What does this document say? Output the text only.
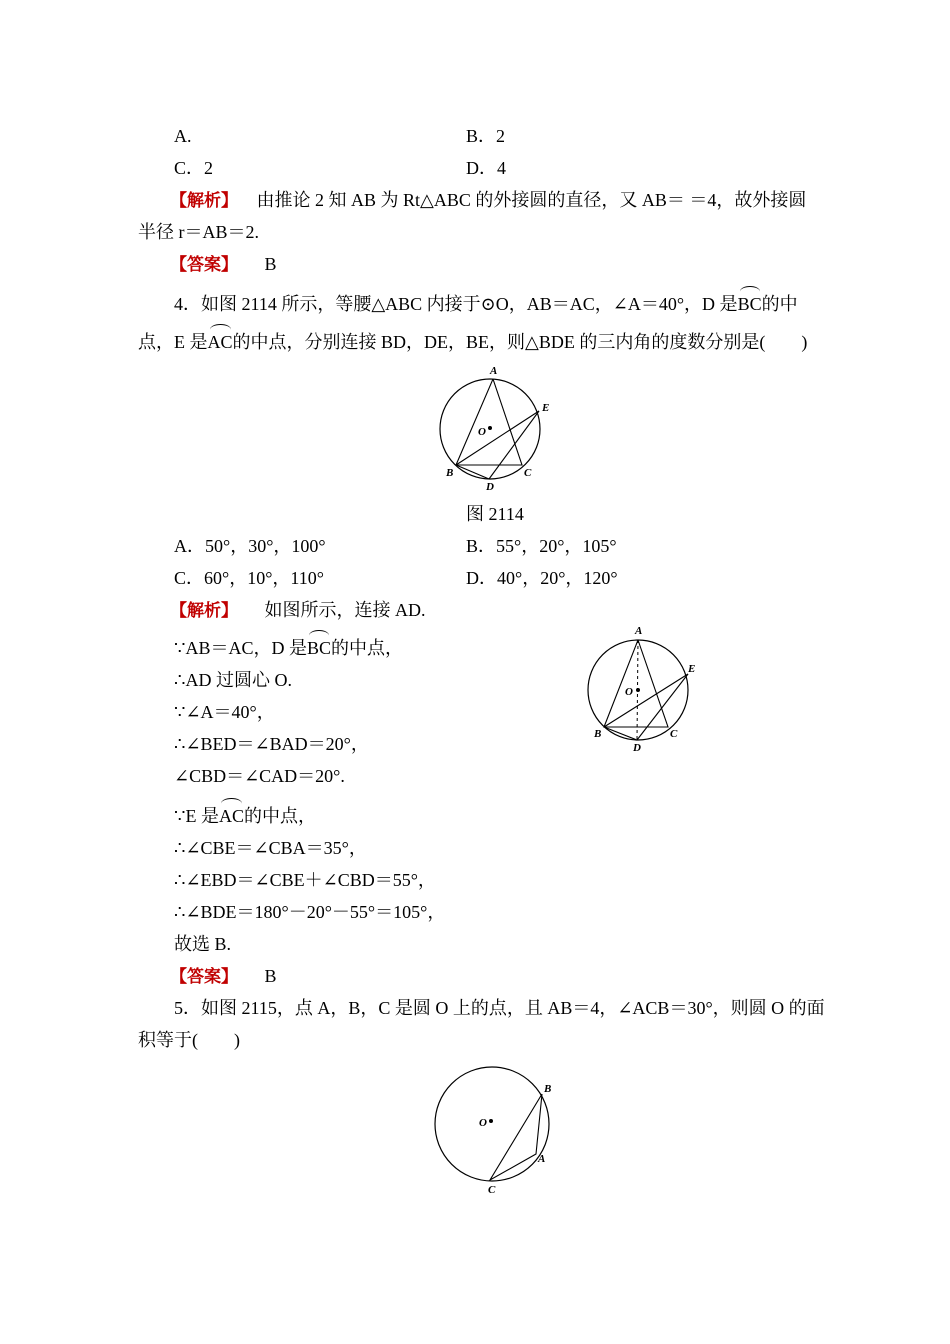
A.	B．2
C．2	D．4
【解析】 由推论 2 知 AB 为 Rt△ABC 的外接圆的直径，又 AB＝ ＝4，故外接圆
半径 r＝AB＝2.
【答案】 B
4．如图 2114 所示，等腰△ABC 内接于⊙O，AB＝AC，∠A＝40°，D 是BC的中
点，E 是AC的中点，分别连接 BD，DE，BE，则△BDE 的三内角的度数分别是(　　)
A
E
O
B	C
D
图 2114
A．50°，30°，100°	B．55°，20°，105°
C．60°，10°，110°	D．40°，20°，120°
【解析】 如图所示，连接 AD.
∵AB＝AC，D 是BC的中点，
∴AD 过圆心 O.
∵∠A＝40°，
∴∠BED＝∠BAD＝20°，
∠CBD＝∠CAD＝20°.
∵E 是AC的中点，
∴∠CBE＝∠CBA＝35°，
∴∠EBD＝∠CBE＋∠CBD＝55°，
∴∠BDE＝180°－20°－55°＝105°，
故选 B.
A
E
O
B	C
D
【答案】 B
5．如图 2115，点 A，B，C 是圆 O 上的点，且 AB＝4，∠ACB＝30°，则圆 O 的面
积等于(　　)
B
A
O
C
